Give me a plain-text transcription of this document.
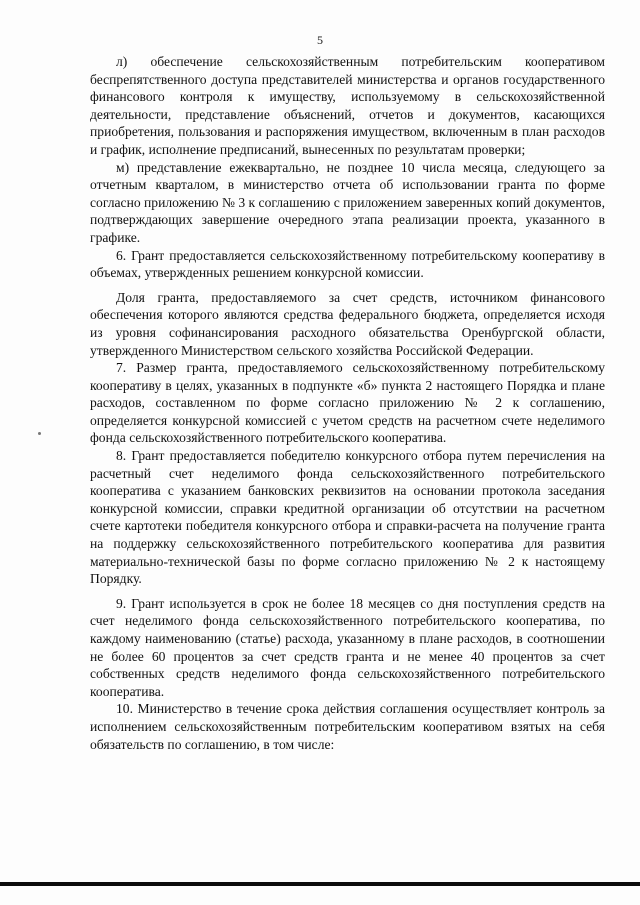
5

л) обеспечение сельскохозяйственным потребительским кооперативом беспрепятственного доступа представителей министерства и органов государственного финансового контроля к имуществу, используемому в сельскохозяйственной деятельности, представление объяснений, отчетов и документов, касающихся приобретения, пользования и распоряжения имуществом, включенным в план расходов и график, исполнение предписаний, вынесенных по результатам проверки;

м) представление ежеквартально, не позднее 10 числа месяца, следующего за отчетным кварталом, в министерство отчета об использовании гранта по форме согласно приложению № 3 к соглашению с приложением заверенных копий документов, подтверждающих завершение очередного этапа реализации проекта, указанного в графике.

6. Грант предоставляется сельскохозяйственному потребительскому кооперативу в объемах, утвержденных решением конкурсной комиссии.

Доля гранта, предоставляемого за счет средств, источником финансового обеспечения которого являются средства федерального бюджета, определяется исходя из уровня софинансирования расходного обязательства Оренбургской области, утвержденного Министерством сельского хозяйства Российской Федерации.

7. Размер гранта, предоставляемого сельскохозяйственному потребительскому кооперативу в целях, указанных в подпункте «б» пункта 2 настоящего Порядка и плане расходов, составленном по форме согласно приложению № 2 к соглашению, определяется конкурсной комиссией с учетом средств на расчетном счете неделимого фонда сельскохозяйственного потребительского кооператива.

8. Грант предоставляется победителю конкурсного отбора путем перечисления на расчетный счет неделимого фонда сельскохозяйственного потребительского кооператива с указанием банковских реквизитов на основании протокола заседания конкурсной комиссии, справки кредитной организации об отсутствии на расчетном счете картотеки победителя конкурсного отбора и справки-расчета на получение гранта на поддержку сельскохозяйственного потребительского кооператива для развития материально-технической базы по форме согласно приложению № 2 к настоящему Порядку.

9. Грант используется в срок не более 18 месяцев со дня поступления средств на счет неделимого фонда сельскохозяйственного потребительского кооператива, по каждому наименованию (статье) расхода, указанному в плане расходов, в соотношении не более 60 процентов за счет средств гранта и не менее 40 процентов за счет собственных средств неделимого фонда сельскохозяйственного потребительского кооператива.

10. Министерство в течение срока действия соглашения осуществляет контроль за исполнением сельскохозяйственным потребительским кооперативом взятых на себя обязательств по соглашению, в том числе:
